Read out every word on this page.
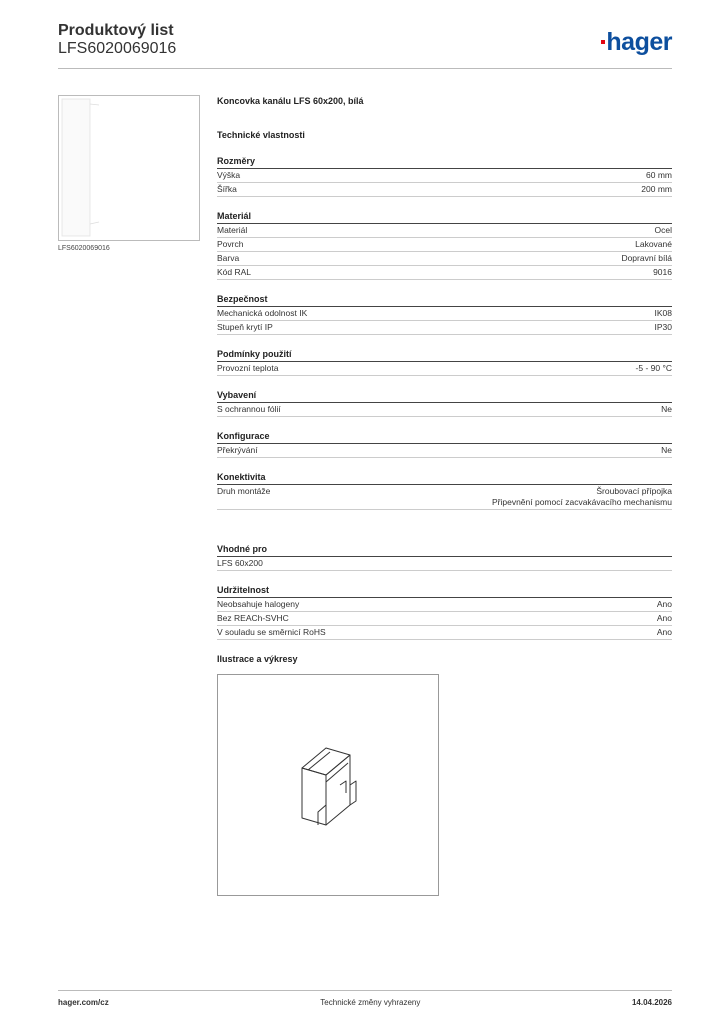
Produktový list
LFS6020069016	hager
LFS6020069016
Koncovka kanálu LFS 60x200, bílá
Technické vlastnosti
Rozměry
Výška	60 mm
Šířka	200 mm
Materiál
Materiál	Ocel
Povrch	Lakované
Barva	Dopravní bílá
Kód RAL	9016
Bezpečnost
Mechanická odolnost IK	IK08
Stupeň krytí IP	IP30
Podmínky použití
Provozní teplota	-5 - 90 °C
Vybavení
S ochrannou fólií	Ne
Konfigurace
Překrývání	Ne
Konektivita
Druh montáže	Šroubovací přípojka
Připevnění pomocí zacvakávacího mechanismu
Vhodné pro
LFS 60x200
Udržitelnost
Neobsahuje halogeny	Ano
Bez REACh-SVHC	Ano
V souladu se směrnicí RoHS	Ano
Ilustrace a výkresy
hager.com/cz	Technické změny vyhrazeny	14.04.2026
